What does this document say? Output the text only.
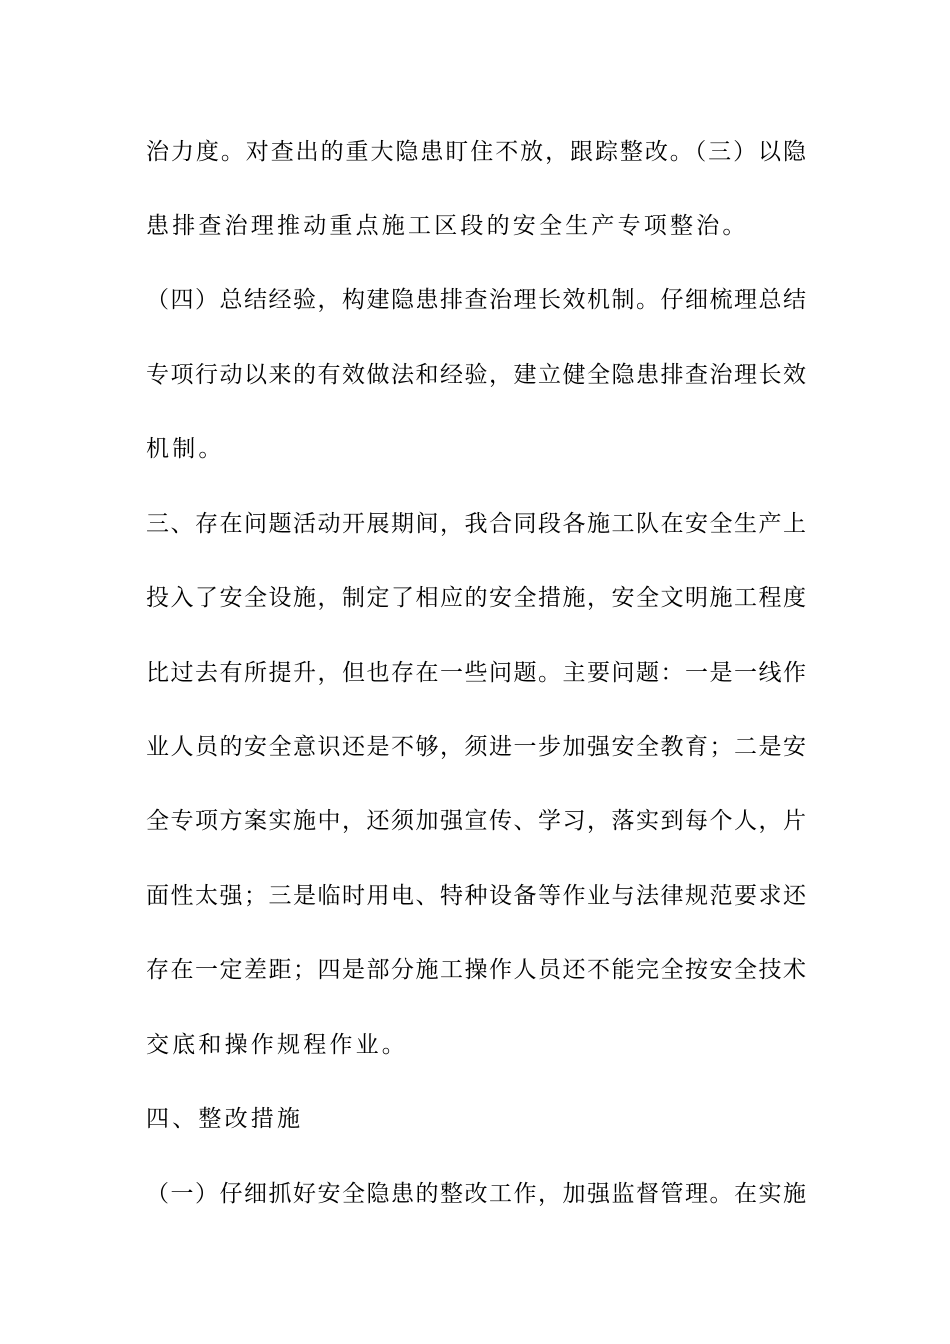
治力度。对查出的重大隐患盯住不放，跟踪整改。（三）以隐
患排查治理推动重点施工区段的安全生产专项整治。
（四）总结经验，构建隐患排查治理长效机制。仔细梳理总结
专项行动以来的有效做法和经验，建立健全隐患排查治理长效
机制。
三、存在问题活动开展期间，我合同段各施工队在安全生产上
投入了安全设施，制定了相应的安全措施，安全文明施工程度
比过去有所提升，但也存在一些问题。主要问题：一是一线作
业人员的安全意识还是不够，须进一步加强安全教育；二是安
全专项方案实施中，还须加强宣传、学习，落实到每个人，片
面性太强；三是临时用电、特种设备等作业与法律规范要求还
存在一定差距；四是部分施工操作人员还不能完全按安全技术
交底和操作规程作业。
四、整改措施
（一）仔细抓好安全隐患的整改工作，加强监督管理。在实施
